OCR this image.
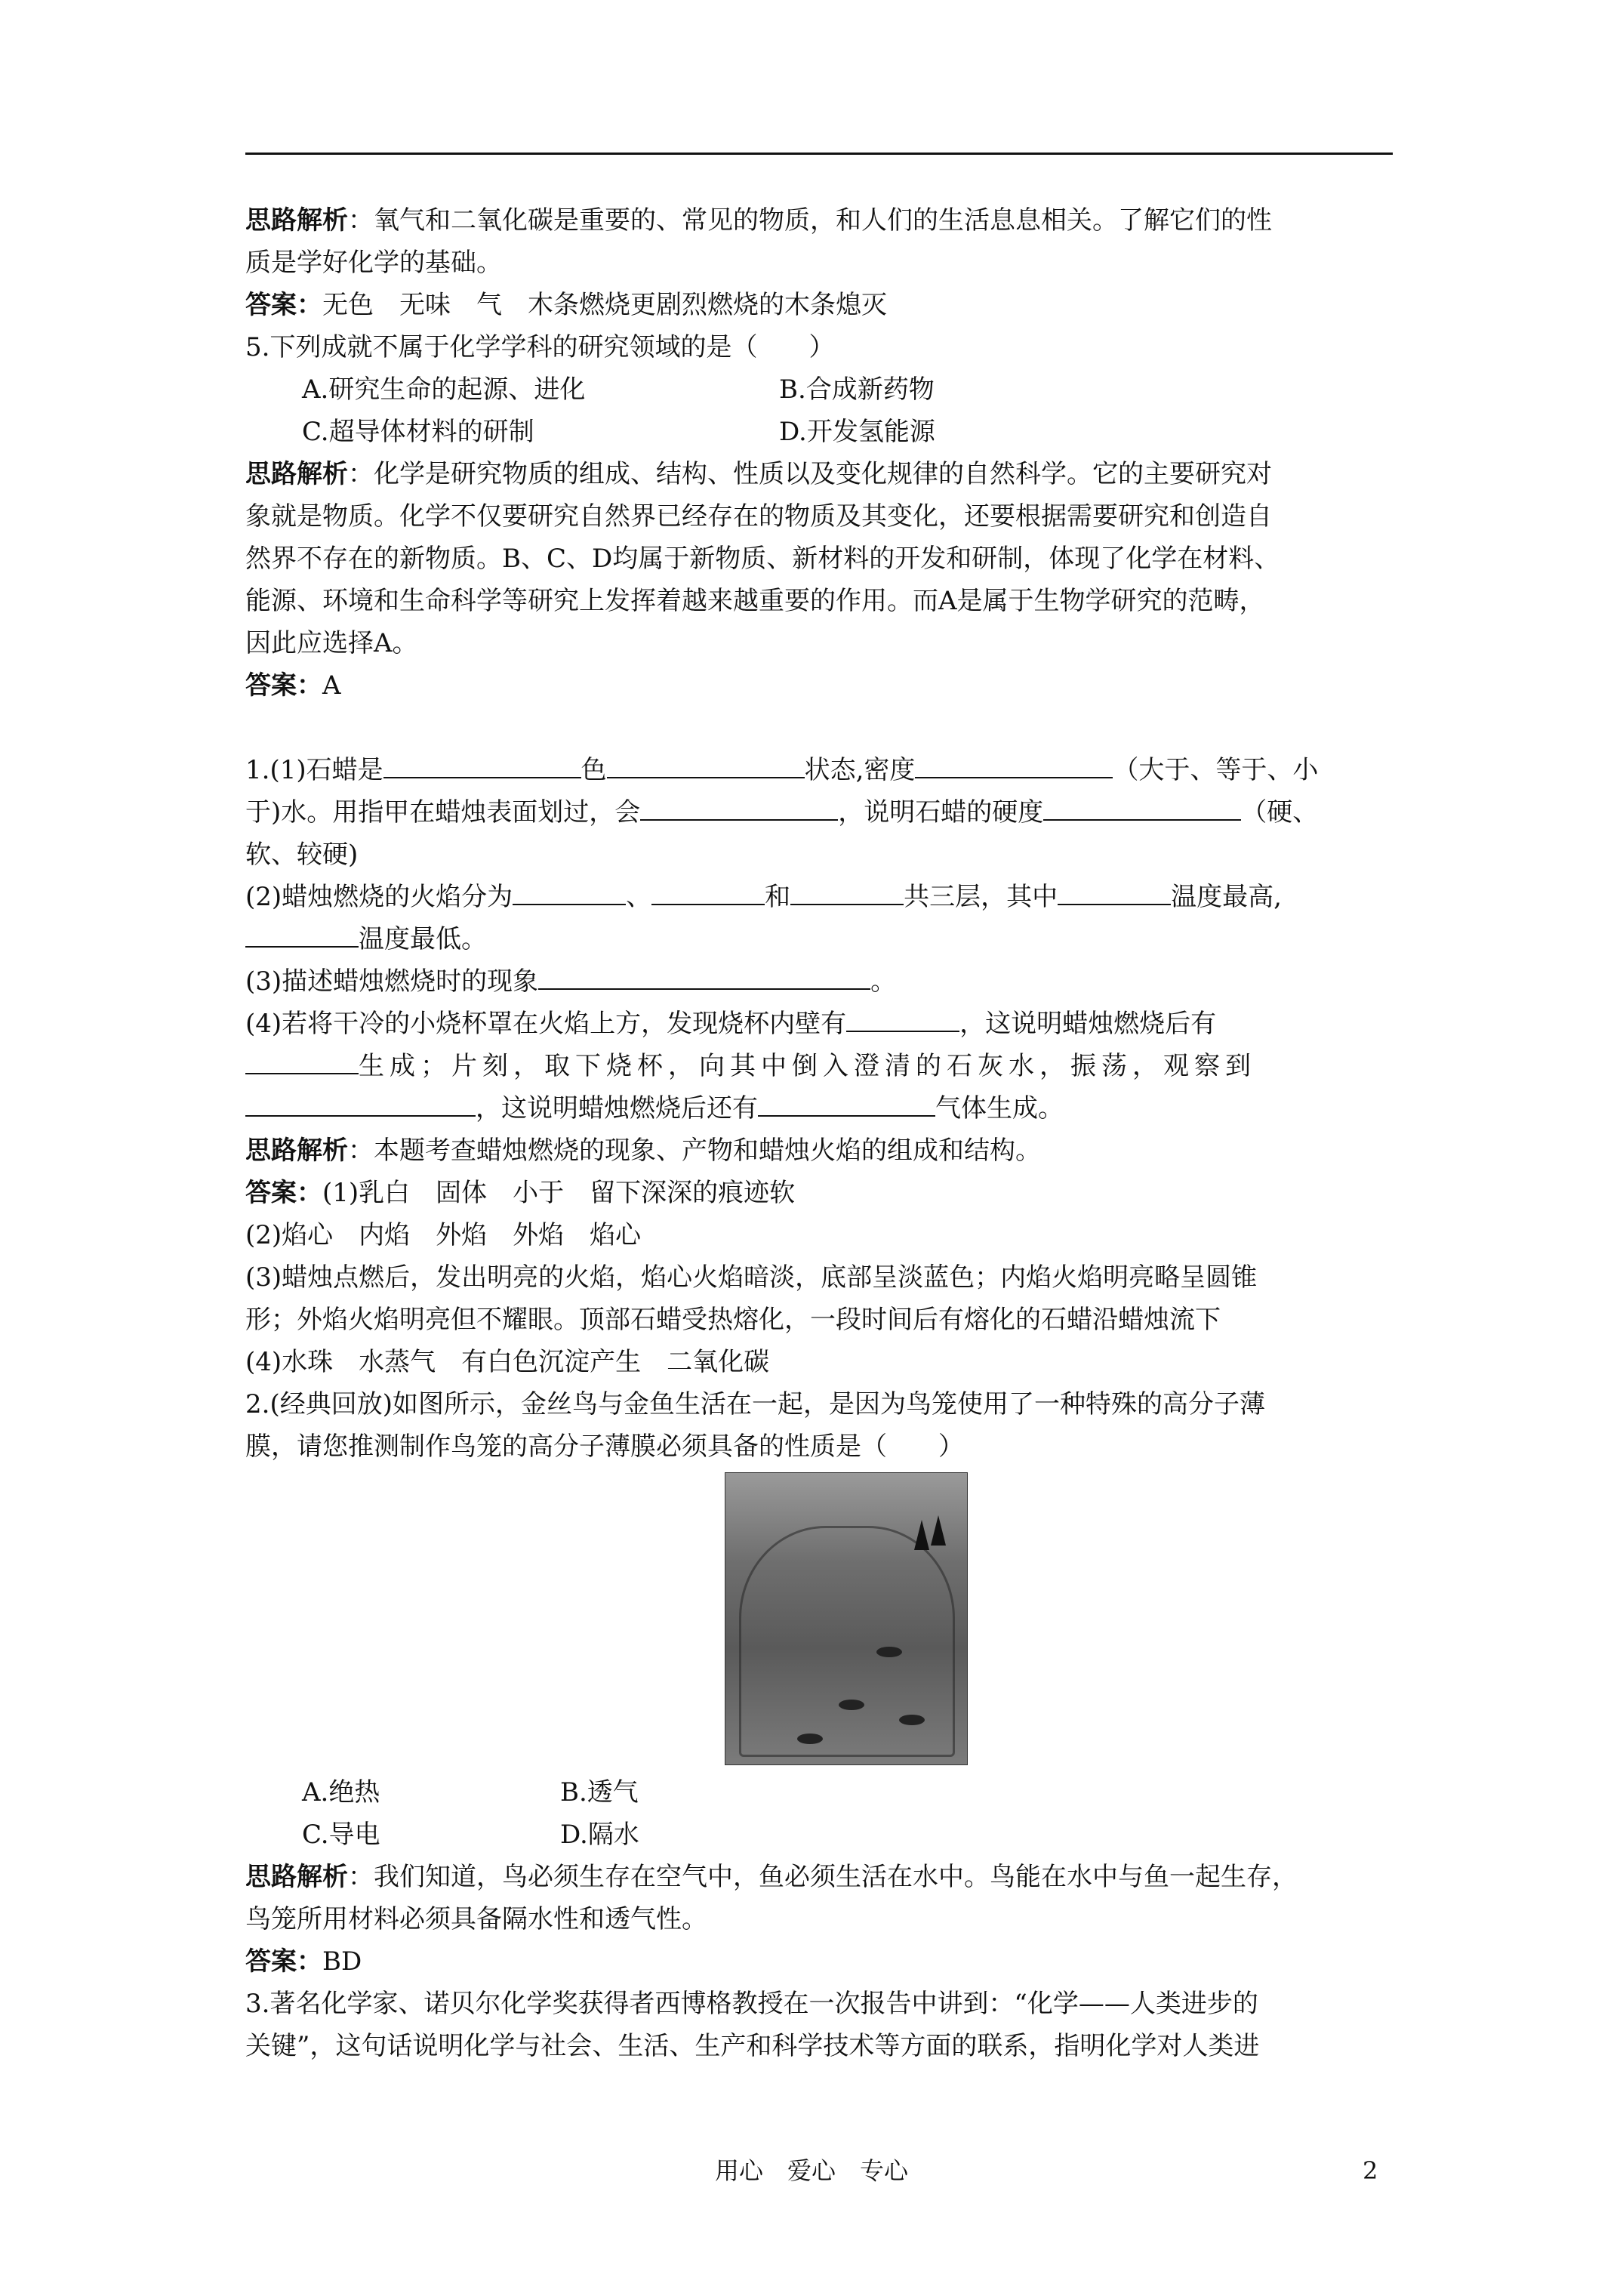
思路解析：氧气和二氧化碳是重要的、常见的物质，和人们的生活息息相关。了解它们的性
质是学好化学的基础。
答案：无色　无味　气　木条燃烧更剧烈燃烧的木条熄灭
5.下列成就不属于化学学科的研究领域的是（　　）
A.研究生命的起源、进化	B.合成新药物
C.超导体材料的研制	D.开发氢能源
思路解析：化学是研究物质的组成、结构、性质以及变化规律的自然科学。它的主要研究对
象就是物质。化学不仅要研究自然界已经存在的物质及其变化，还要根据需要研究和创造自
然界不存在的新物质。B、C、D均属于新物质、新材料的开发和研制，体现了化学在材料、
能源、环境和生命科学等研究上发挥着越来越重要的作用。而A是属于生物学研究的范畴，
因此应选择A。
答案：A
1.(1)石蜡是	色	状态,密度	（大于、等于、小
于)水。用指甲在蜡烛表面划过，会	，说明石蜡的硬度	（硬、
软、较硬)
(2)蜡烛燃烧的火焰分为	、	和	共三层，其中	温度最高,
温度最低。
(3)描述蜡烛燃烧时的现象	。
(4)若将干冷的小烧杯罩在火焰上方，发现烧杯内壁有	，这说明蜡烛燃烧后有
生成；片刻，取下烧杯，向其中倒入澄清的石灰水，振荡，观察到
，这说明蜡烛燃烧后还有	气体生成。
思路解析：本题考查蜡烛燃烧的现象、产物和蜡烛火焰的组成和结构。
答案：(1)乳白　固体　小于　留下深深的痕迹软
(2)焰心　内焰　外焰　外焰　焰心
(3)蜡烛点燃后，发出明亮的火焰，焰心火焰暗淡，底部呈淡蓝色；内焰火焰明亮略呈圆锥
形；外焰火焰明亮但不耀眼。顶部石蜡受热熔化，一段时间后有熔化的石蜡沿蜡烛流下
(4)水珠　水蒸气　有白色沉淀产生　二氧化碳
2.(经典回放)如图所示，金丝鸟与金鱼生活在一起，是因为鸟笼使用了一种特殊的高分子薄
膜，请您推测制作鸟笼的高分子薄膜必须具备的性质是（　　）
A.绝热	B.透气
C.导电	D.隔水
思路解析：我们知道，鸟必须生存在空气中，鱼必须生活在水中。鸟能在水中与鱼一起生存，
鸟笼所用材料必须具备隔水性和透气性。
答案：BD
3.著名化学家、诺贝尔化学奖获得者西博格教授在一次报告中讲到：“化学——人类进步的
关键”，这句话说明化学与社会、生活、生产和科学技术等方面的联系，指明化学对人类进
用心　爱心　专心	2
